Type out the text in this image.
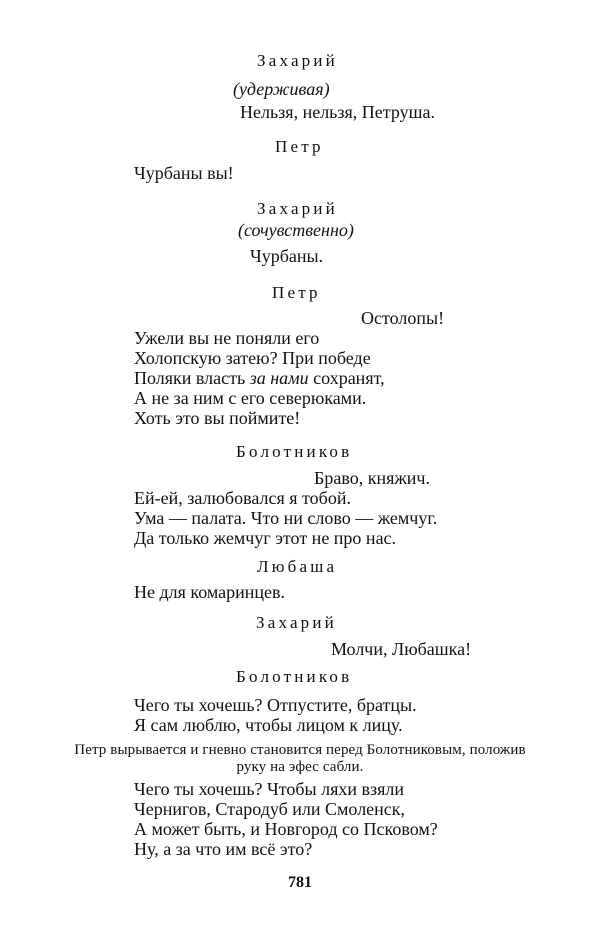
Захарий
(удерживая)
Нельзя, нельзя, Петруша.
Петр
Чурбаны вы!
Захарий
(сочувственно)
Чурбаны.
Петр
Остолопы!
Ужели вы не поняли его
Холопскую затею? При победе
Поляки власть за нами сохранят,
А не за ним с его северюками.
Хоть это вы поймите!
Болотников
Браво, княжич.
Ей-ей, залюбовался я тобой.
Ума — палата. Что ни слово — жемчуг.
Да только жемчуг этот не про нас.
Любаша
Не для комаринцев.
Захарий
Молчи, Любашка!
Болотников
Чего ты хочешь? Отпустите, братцы.
Я сам люблю, чтобы лицом к лицу.
Петр вырывается и гневно становится перед Болотниковым, положив
руку на эфес сабли.
Чего ты хочешь? Чтобы ляхи взяли
Чернигов, Стародуб или Смоленск,
А может быть, и Новгород со Псковом?
Ну, а за что им всё это?
781
